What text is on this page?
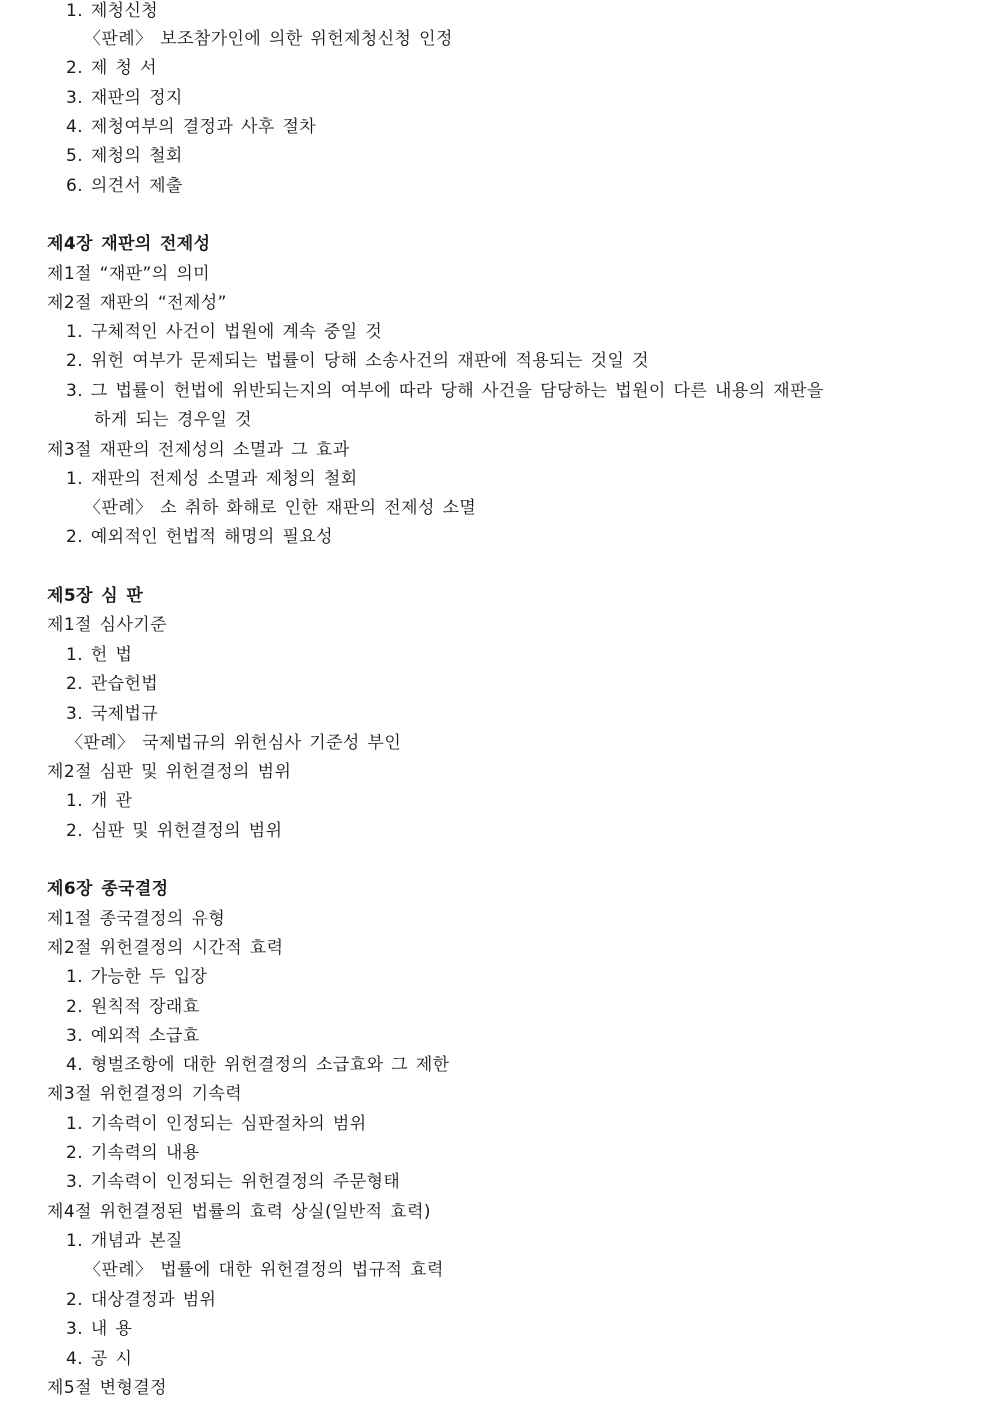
1. 제청신청
〈판례〉 보조참가인에 의한 위헌제청신청 인정
2. 제 청 서
3. 재판의 정지
4. 제청여부의 결정과 사후 절차
5. 제청의 철회
6. 의견서 제출
제4장 재판의 전제성
제1절 “재판”의 의미
제2절 재판의 “전제성”
1. 구체적인 사건이 법원에 계속 중일 것
2. 위헌 여부가 문제되는 법률이 당해 소송사건의 재판에 적용되는 것일 것
3. 그 법률이 헌법에 위반되는지의 여부에 따라 당해 사건을 담당하는 법원이 다른 내용의 재판을
하게 되는 경우일 것
제3절 재판의 전제성의 소멸과 그 효과
1. 재판의 전제성 소멸과 제청의 철회
〈판례〉 소 취하 화해로 인한 재판의 전제성 소멸
2. 예외적인 헌법적 해명의 필요성
제5장 심 판
제1절 심사기준
1. 헌 법
2. 관습헌법
3. 국제법규
〈판례〉 국제법규의 위헌심사 기준성 부인
제2절 심판 및 위헌결정의 범위
1. 개 관
2. 심판 및 위헌결정의 범위
제6장 종국결정
제1절 종국결정의 유형
제2절 위헌결정의 시간적 효력
1. 가능한 두 입장
2. 원칙적 장래효
3. 예외적 소급효
4. 형벌조항에 대한 위헌결정의 소급효와 그 제한
제3절 위헌결정의 기속력
1. 기속력이 인정되는 심판절차의 범위
2. 기속력의 내용
3. 기속력이 인정되는 위헌결정의 주문형태
제4절 위헌결정된 법률의 효력 상실(일반적 효력)
1. 개념과 본질
〈판례〉 법률에 대한 위헌결정의 법규적 효력
2. 대상결정과 범위
3. 내 용
4. 공 시
제5절 변형결정
